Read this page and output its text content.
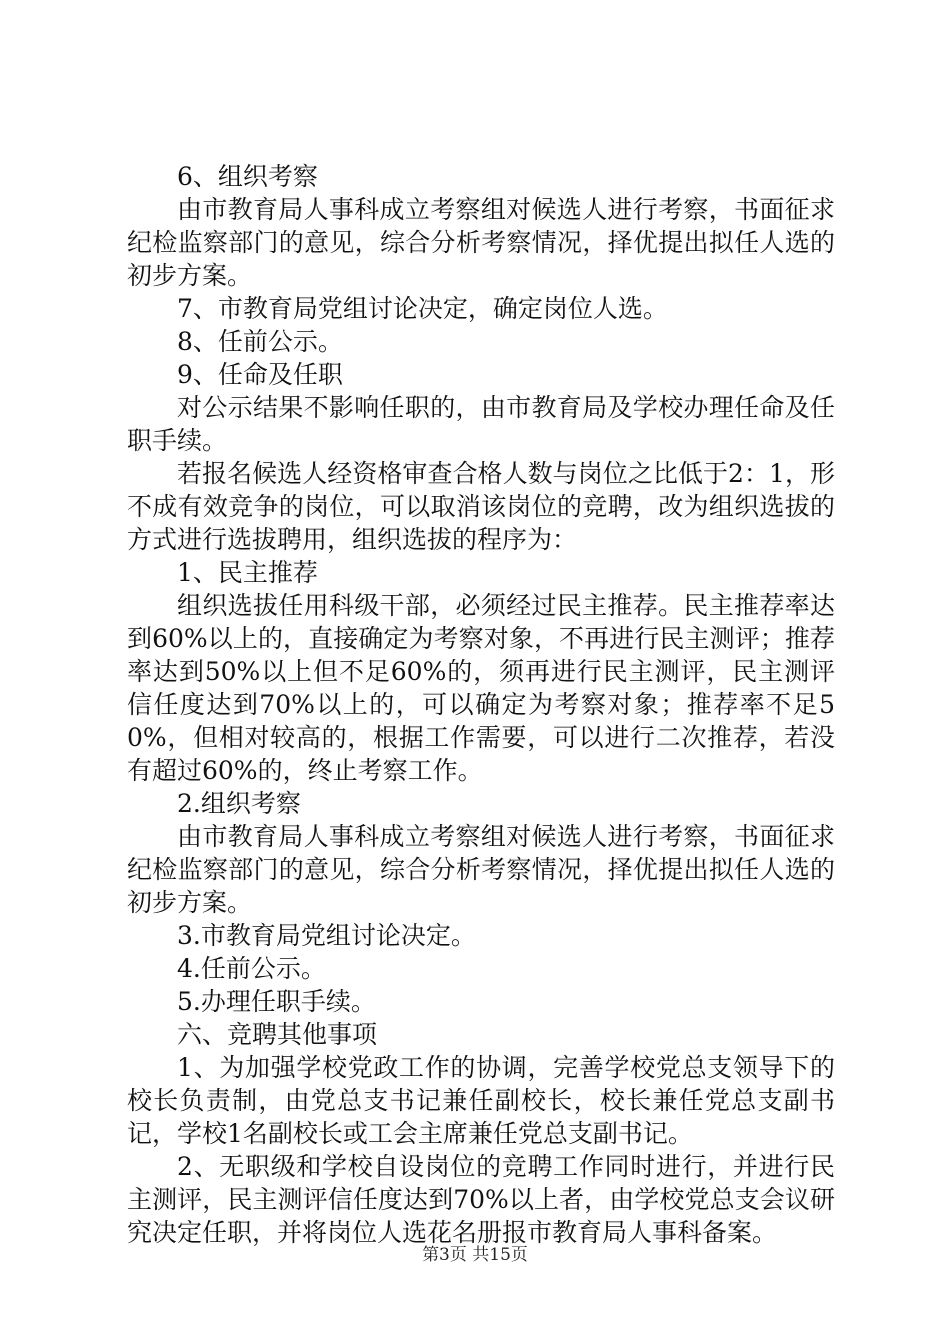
6、组织考察

由市教育局人事科成立考察组对候选人进行考察，书面征求纪检监察部门的意见，综合分析考察情况，择优提出拟任人选的初步方案。

7、市教育局党组讨论决定，确定岗位人选。

8、任前公示。

9、任命及任职

对公示结果不影响任职的，由市教育局及学校办理任命及任职手续。

若报名候选人经资格审查合格人数与岗位之比低于2：1，形不成有效竞争的岗位，可以取消该岗位的竞聘，改为组织选拔的方式进行选拔聘用，组织选拔的程序为：

1、民主推荐

组织选拔任用科级干部，必须经过民主推荐。民主推荐率达到60%以上的，直接确定为考察对象，不再进行民主测评；推荐率达到50%以上但不足60%的，须再进行民主测评，民主测评信任度达到70%以上的，可以确定为考察对象；推荐率不足50%，但相对较高的，根据工作需要，可以进行二次推荐，若没有超过60%的，终止考察工作。

2.组织考察

由市教育局人事科成立考察组对候选人进行考察，书面征求纪检监察部门的意见，综合分析考察情况，择优提出拟任人选的初步方案。

3.市教育局党组讨论决定。

4.任前公示。

5.办理任职手续。

六、竞聘其他事项

1、为加强学校党政工作的协调，完善学校党总支领导下的校长负责制，由党总支书记兼任副校长，校长兼任党总支副书记，学校1名副校长或工会主席兼任党总支副书记。

2、无职级和学校自设岗位的竞聘工作同时进行，并进行民主测评，民主测评信任度达到70%以上者，由学校党总支会议研究决定任职，并将岗位人选花名册报市教育局人事科备案。

第3页 共15页
